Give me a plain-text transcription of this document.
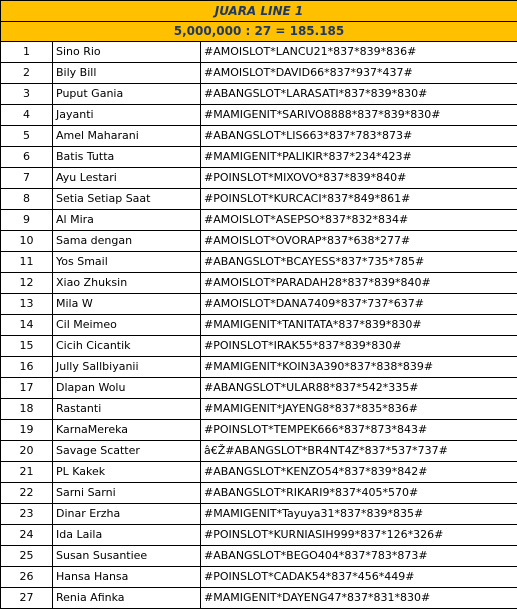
JUARA LINE 1		
5,000,000 : 27 = 185.185		
1	Sino Rio	#AMOISLOT*LANCU21*837*839*836#
2	Bily Bill	#AMOISLOT*DAVID66*837*937*437#
3	Puput Gania	#ABANGSLOT*LARASATI*837*839*830#
4	Jayanti	#MAMIGENIT*SARIVO8888*837*839*830#
5	Amel Maharani	#ABANGSLOT*LIS663*837*783*873#
6	Batis Tutta	#MAMIGENIT*PALIKIR*837*234*423#
7	Ayu Lestari	#POINSLOT*MIXOVO*837*839*840#
8	Setia Setiap Saat	#POINSLOT*KURCACI*837*849*861#
9	Al Mira	#AMOISLOT*ASEPSO*837*832*834#
10	Sama dengan	#AMOISLOT*OVORAP*837*638*277#
11	Yos Smail	#ABANGSLOT*BCAYESS*837*735*785#
12	Xiao Zhuksin	#AMOISLOT*PARADAH28*837*839*840#
13	Mila W	#AMOISLOT*DANA7409*837*737*637#
14	Cil Meimeo	#MAMIGENIT*TANITATA*837*839*830#
15	Cicih Cicantik	#POINSLOT*IRAK55*837*839*830#
16	Jully Sallbiyanii	#MAMIGENIT*KOIN3A390*837*838*839#
17	Dlapan Wolu	#ABANGSLOT*ULAR88*837*542*335#
18	Rastanti	#MAMIGENIT*JAYENG8*837*835*836#
19	KarnaMereka	#POINSLOT*TEMPEK666*837*873*843#
20	Savage Scatter	â€Ž#ABANGSLOT*BR4NT4Z*837*537*737#
21	PL Kakek	#ABANGSLOT*KENZO54*837*839*842#
22	Sarni Sarni	#ABANGSLOT*RIKARI9*837*405*570#
23	Dinar Erzha	#MAMIGENIT*Tayuya31*837*839*835#
24	Ida Laila	#POINSLOT*KURNIASIH999*837*126*326#
25	Susan Susantiee	#ABANGSLOT*BEGO404*837*783*873#
26	Hansa Hansa	#POINSLOT*CADAK54*837*456*449#
27	Renia Afinka	#MAMIGENIT*DAYENG47*837*831*830#
